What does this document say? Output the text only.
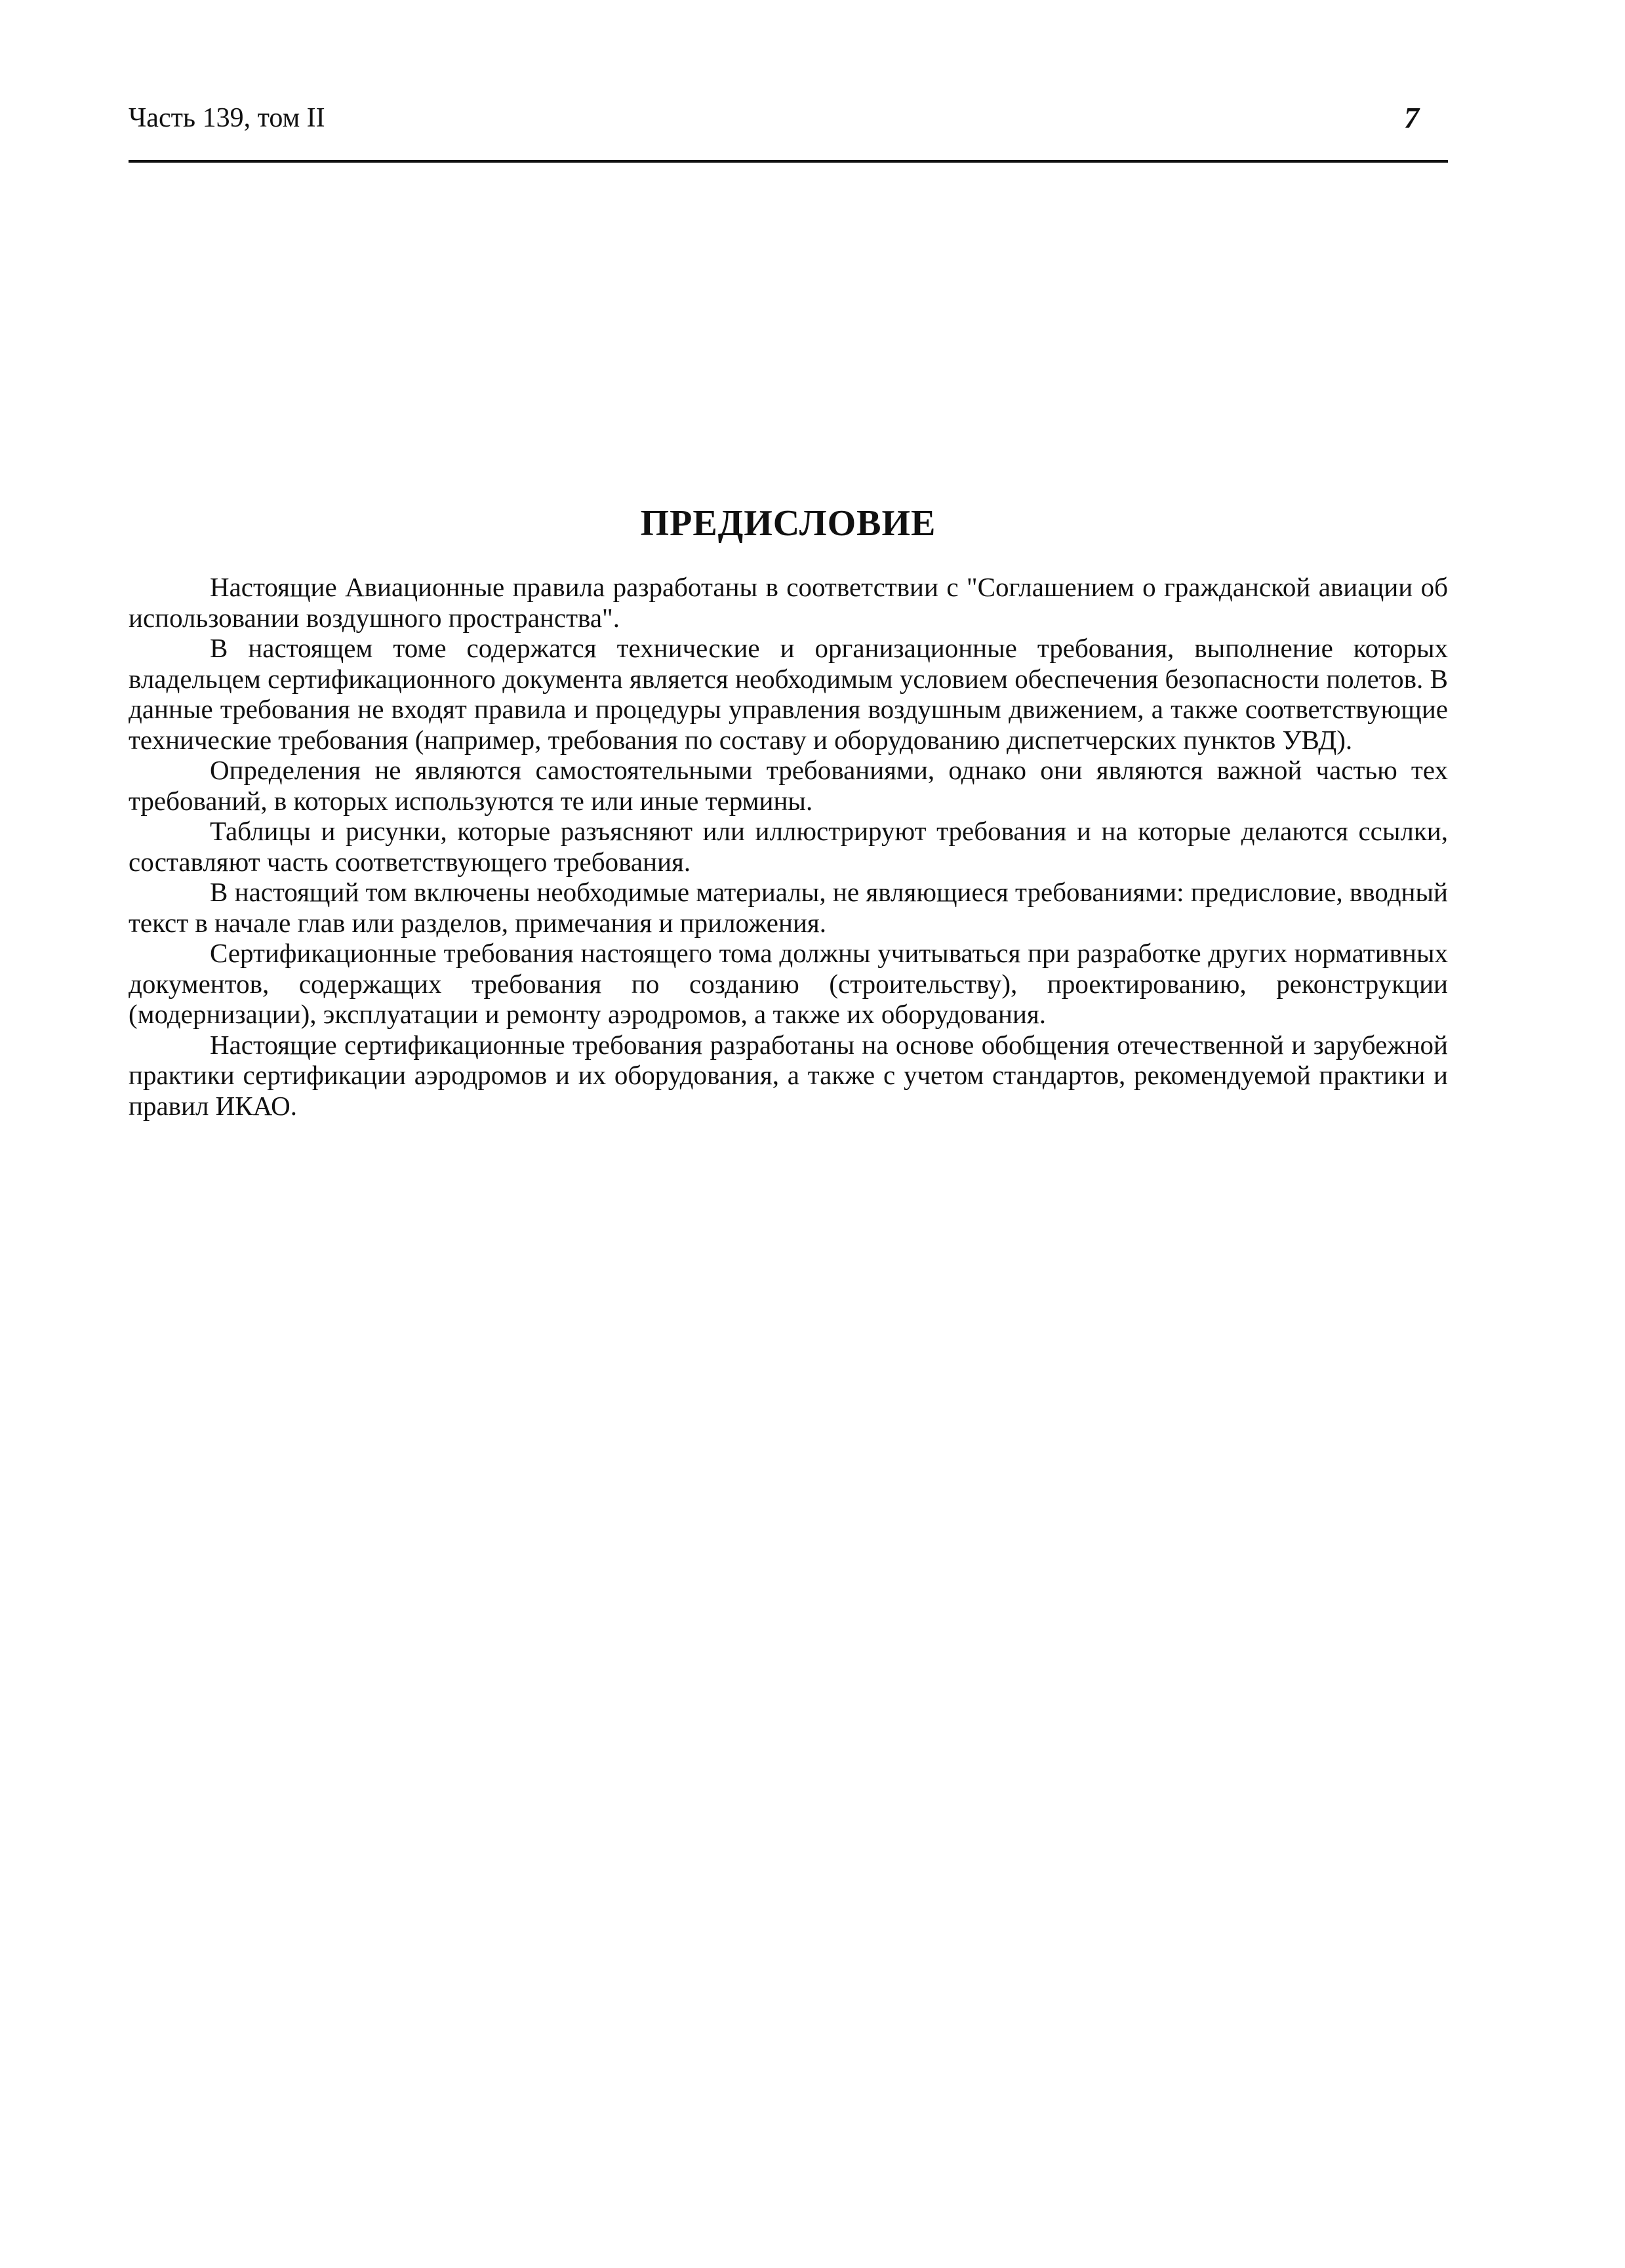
Часть 139, том II	7
ПРЕДИСЛОВИЕ

Настоящие Авиационные правила разработаны в соответствии с "Соглашением о гражданской авиации об использовании воздушного пространства".

В настоящем томе содержатся технические и организационные требования, выполнение которых владельцем сертификационного документа является необходимым условием обеспечения безопасности полетов. В данные требования не входят правила и процедуры управления воздушным движением, а также соответствующие технические требования (например, требования по составу и оборудованию диспетчерских пунктов УВД).

Определения не являются самостоятельными требованиями, однако они являются важной частью тех требований, в которых используются те или иные термины.

Таблицы и рисунки, которые разъясняют или иллюстрируют требования и на которые делаются ссылки, составляют часть соответствующего требования.

В настоящий том включены необходимые материалы, не являющиеся требованиями: предисловие, вводный текст в начале глав или разделов, примечания и приложения.

Сертификационные требования настоящего тома должны учитываться при разработке других нормативных документов, содержащих требования по созданию (строительству), проектированию, реконструкции (модернизации), эксплуатации и ремонту аэродромов, а также их оборудования.

Настоящие сертификационные требования разработаны на основе обобщения отечественной и зарубежной практики сертификации аэродромов и их оборудования, а также с учетом стандартов, рекомендуемой практики и правил ИКАО.
